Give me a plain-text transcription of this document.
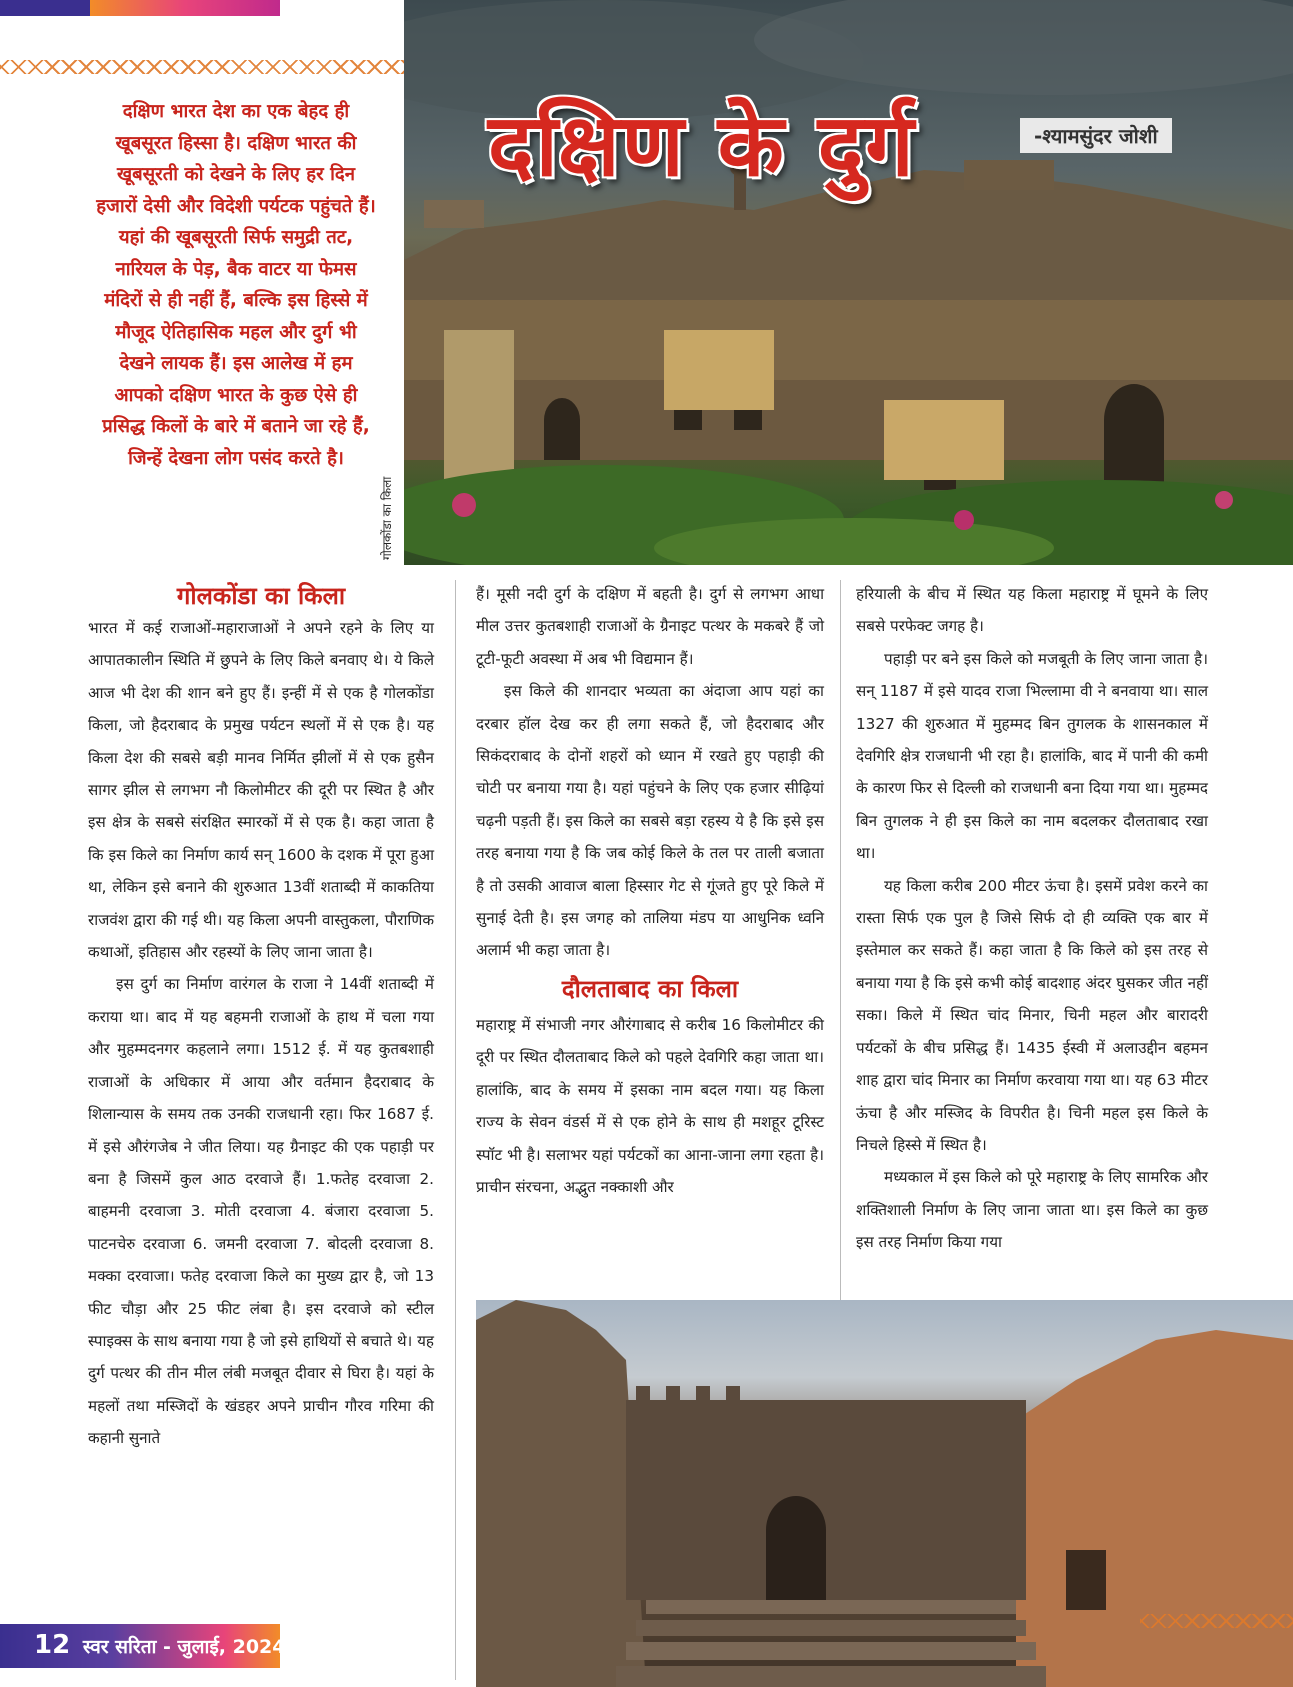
दक्षिण के दुर्ग	-श्यामसुंदर जोशी
दक्षिण भारत देश का एक बेहद ही खूबसूरत हिस्सा है। दक्षिण भारत की खूबसूरती को देखने के लिए हर दिन हजारों देसी और विदेशी पर्यटक पहुंचते हैं। यहां की खूबसूरती सिर्फ समुद्री तट, नारियल के पेड़, बैक वाटर या फेमस मंदिरों से ही नहीं हैं, बल्कि इस हिस्से में मौजूद ऐतिहासिक महल और दुर्ग भी देखने लायक हैं। इस आलेख में हम आपको दक्षिण भारत के कुछ ऐसे ही प्रसिद्ध किलों के बारे में बताने जा रहे हैं, जिन्हें देखना लोग पसंद करते है।
गोलकोंडा का किला
गोलकोंडा का किला

भारत में कई राजाओं-महाराजाओं ने अपने रहने के लिए या आपातकालीन स्थिति में छुपने के लिए किले बनवाए थे। ये किले आज भी देश की शान बने हुए हैं। इन्हीं में से एक है गोलकोंडा किला, जो हैदराबाद के प्रमुख पर्यटन स्थलों में से एक है। यह किला देश की सबसे बड़ी मानव निर्मित झीलों में से एक हुसैन सागर झील से लगभग नौ किलोमीटर की दूरी पर स्थित है और इस क्षेत्र के सबसे संरक्षित स्मारकों में से एक है। कहा जाता है कि इस किले का निर्माण कार्य सन् 1600 के दशक में पूरा हुआ था, लेकिन इसे बनाने की शुरुआत 13वीं शताब्दी में काकतिया राजवंश द्वारा की गई थी। यह किला अपनी वास्तुकला, पौराणिक कथाओं, इतिहास और रहस्यों के लिए जाना जाता है।

इस दुर्ग का निर्माण वारंगल के राजा ने 14वीं शताब्दी में कराया था। बाद में यह बहमनी राजाओं के हाथ में चला गया और मुहम्मदनगर कहलाने लगा। 1512 ई. में यह कुतबशाही राजाओं के अधिकार में आया और वर्तमान हैदराबाद के शिलान्यास के समय तक उनकी राजधानी रहा। फिर 1687 ई. में इसे औरंगजेब ने जीत लिया। यह ग्रैनाइट की एक पहाड़ी पर बना है जिसमें कुल आठ दरवाजे हैं। 1.फतेह दरवाजा 2. बाहमनी दरवाजा 3. मोती दरवाजा 4. बंजारा दरवाजा 5. पाटनचेरु दरवाजा 6. जमनी दरवाजा 7. बोदली दरवाजा 8. मक्का दरवाजा। फतेह दरवाजा किले का मुख्य द्वार है, जो 13 फीट चौड़ा और 25 फीट लंबा है। इस दरवाजे को स्टील स्पाइक्स के साथ बनाया गया है जो इसे हाथियों से बचाते थे। यह दुर्ग पत्थर की तीन मील लंबी मजबूत दीवार से घिरा है। यहां के महलों तथा मस्जिदों के खंडहर अपने प्राचीन गौरव गरिमा की कहानी सुनाते

हैं। मूसी नदी दुर्ग के दक्षिण में बहती है। दुर्ग से लगभग आधा मील उत्तर कुतबशाही राजाओं के ग्रैनाइट पत्थर के मकबरे हैं जो टूटी-फूटी अवस्था में अब भी विद्यमान हैं।

इस किले की शानदार भव्यता का अंदाजा आप यहां का दरबार हॉल देख कर ही लगा सकते हैं, जो हैदराबाद और सिकंदराबाद के दोनों शहरों को ध्यान में रखते हुए पहाड़ी की चोटी पर बनाया गया है। यहां पहुंचने के लिए एक हजार सीढ़ियां चढ़नी पड़ती हैं। इस किले का सबसे बड़ा रहस्य ये है कि इसे इस तरह बनाया गया है कि जब कोई किले के तल पर ताली बजाता है तो उसकी आवाज बाला हिस्सार गेट से गूंजते हुए पूरे किले में सुनाई देती है। इस जगह को तालिया मंडप या आधुनिक ध्वनि अलार्म भी कहा जाता है।

दौलताबाद का किला

महाराष्ट्र में संभाजी नगर औरंगाबाद से करीब 16 किलोमीटर की दूरी पर स्थित दौलताबाद किले को पहले देवगिरि कहा जाता था। हालांकि, बाद के समय में इसका नाम बदल गया। यह किला राज्य के सेवन वंडर्स में से एक होने के साथ ही मशहूर टूरिस्ट स्पॉट भी है। सलाभर यहां पर्यटकों का आना-जाना लगा रहता है। प्राचीन संरचना, अद्भुत नक्काशी और

हरियाली के बीच में स्थित यह किला महाराष्ट्र में घूमने के लिए सबसे परफेक्ट जगह है।

पहाड़ी पर बने इस किले को मजबूती के लिए जाना जाता है। सन् 1187 में इसे यादव राजा भिल्लामा वी ने बनवाया था। साल 1327 की शुरुआत में मुहम्मद बिन तुगलक के शासनकाल में देवगिरि क्षेत्र राजधानी भी रहा है। हालांकि, बाद में पानी की कमी के कारण फिर से दिल्ली को राजधानी बना दिया गया था। मुहम्मद बिन तुगलक ने ही इस किले का नाम बदलकर दौलताबाद रखा था।

यह किला करीब 200 मीटर ऊंचा है। इसमें प्रवेश करने का रास्ता सिर्फ एक पुल है जिसे सिर्फ दो ही व्यक्ति एक बार में इस्तेमाल कर सकते हैं। कहा जाता है कि किले को इस तरह से बनाया गया है कि इसे कभी कोई बादशाह अंदर घुसकर जीत नहीं सका। किले में स्थित चांद मिनार, चिनी महल और बारादरी पर्यटकों के बीच प्रसिद्ध हैं। 1435 ईस्वी में अलाउद्दीन बहमन शाह द्वारा चांद मिनार का निर्माण करवाया गया था। यह 63 मीटर ऊंचा है और मस्जिद के विपरीत है। चिनी महल इस किले के निचले हिस्से में स्थित है।

मध्यकाल में इस किले को पूरे महाराष्ट्र के लिए सामरिक और शक्तिशाली निर्माण के लिए जाना जाता था। इस किले का कुछ इस तरह निर्माण किया गया

12 स्वर सरिता - जुलाई, 2024
